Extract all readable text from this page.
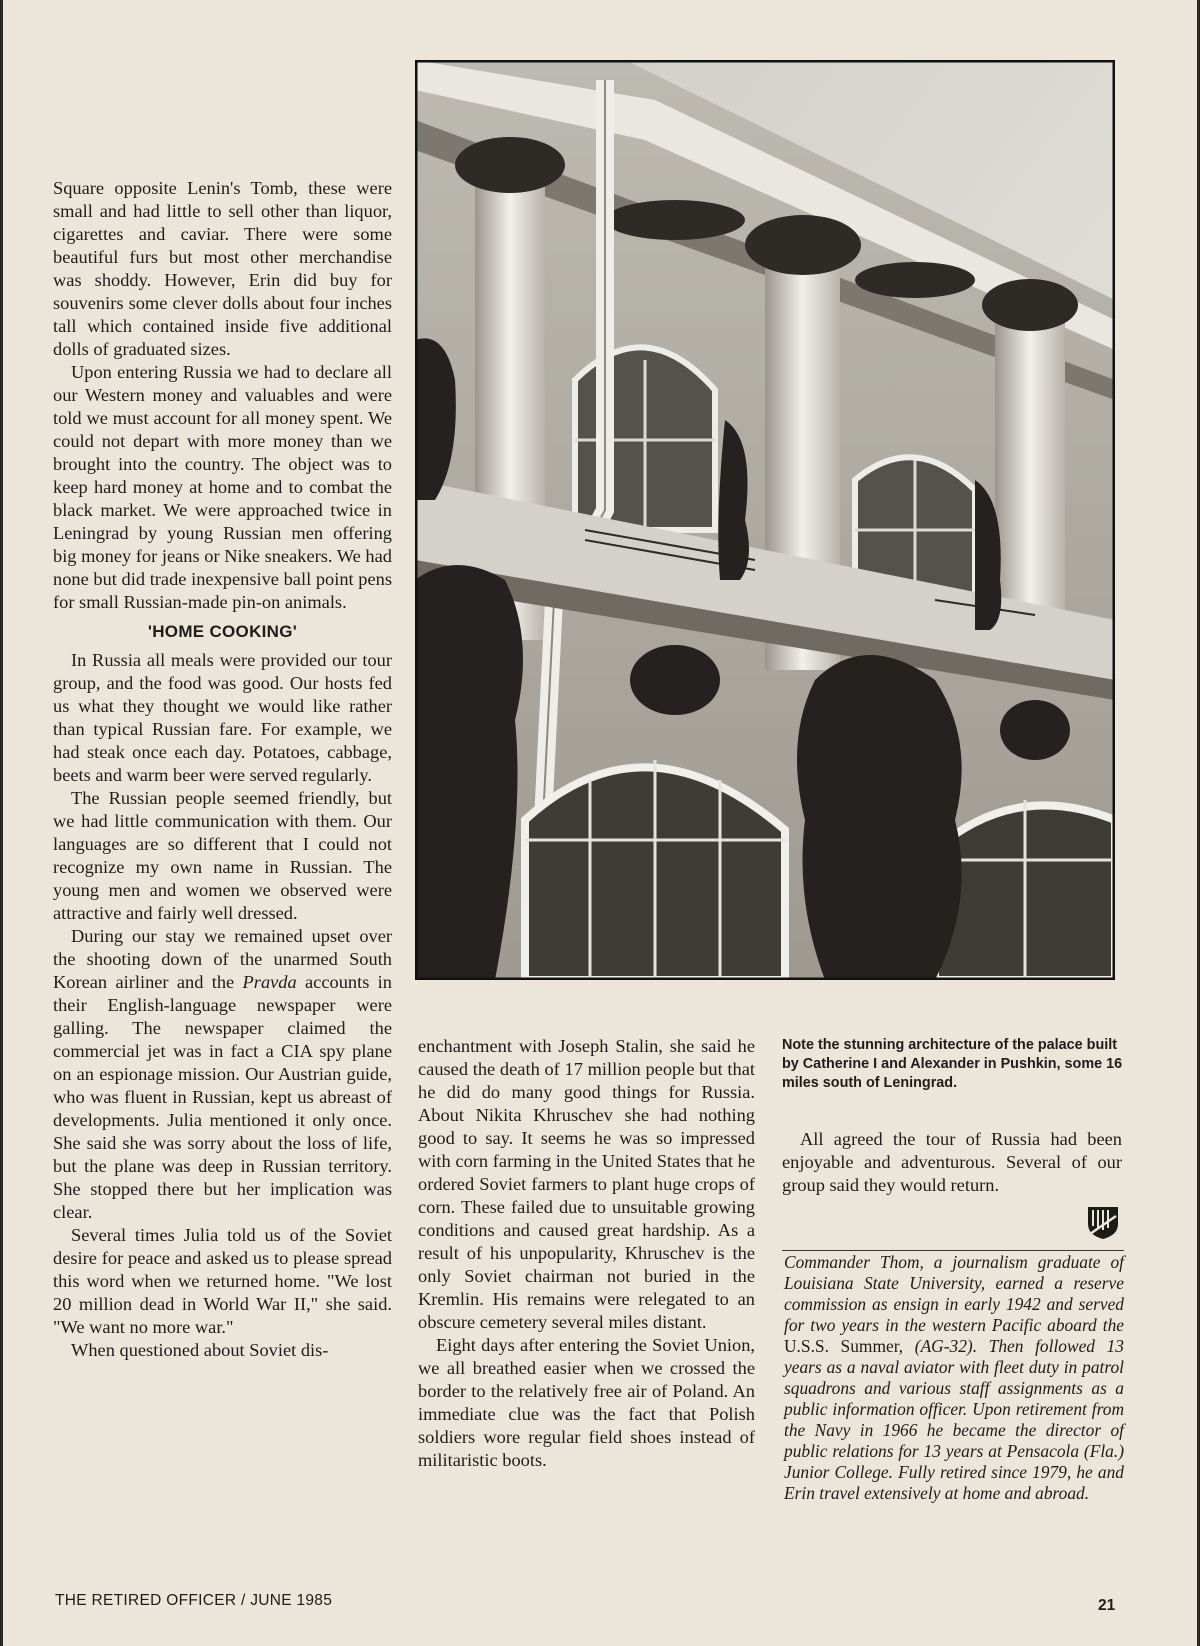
Square opposite Lenin's Tomb, these were small and had little to sell other than liquor, cigarettes and caviar. There were some beautiful furs but most other merchandise was shoddy. However, Erin did buy for souvenirs some clever dolls about four inches tall which contained inside five additional dolls of graduated sizes.

Upon entering Russia we had to declare all our Western money and valuables and were told we must account for all money spent. We could not depart with more money than we brought into the country. The object was to keep hard money at home and to combat the black market. We were approached twice in Leningrad by young Russian men offering big money for jeans or Nike sneakers. We had none but did trade inexpensive ball point pens for small Russian-made pin-on animals.

'HOME COOKING'

In Russia all meals were provided our tour group, and the food was good. Our hosts fed us what they thought we would like rather than typical Russian fare. For example, we had steak once each day. Potatoes, cabbage, beets and warm beer were served regularly.

The Russian people seemed friendly, but we had little communication with them. Our languages are so different that I could not recognize my own name in Russian. The young men and women we observed were attractive and fairly well dressed.

During our stay we remained upset over the shooting down of the unarmed South Korean airliner and the Pravda accounts in their English-language newspaper were galling. The newspaper claimed the commercial jet was in fact a CIA spy plane on an espionage mission. Our Austrian guide, who was fluent in Russian, kept us abreast of developments. Julia mentioned it only once. She said she was sorry about the loss of life, but the plane was deep in Russian territory. She stopped there but her implication was clear.

Several times Julia told us of the Soviet desire for peace and asked us to please spread this word when we returned home. "We lost 20 million dead in World War II," she said. "We want no more war."

When questioned about Soviet dis-

enchantment with Joseph Stalin, she said he caused the death of 17 million people but that he did do many good things for Russia. About Nikita Khruschev she had nothing good to say. It seems he was so impressed with corn farming in the United States that he ordered Soviet farmers to plant huge crops of corn. These failed due to unsuitable growing conditions and caused great hardship. As a result of his unpopularity, Khruschev is the only Soviet chairman not buried in the Kremlin. His remains were relegated to an obscure cemetery several miles distant.

Eight days after entering the Soviet Union, we all breathed easier when we crossed the border to the relatively free air of Poland. An immediate clue was the fact that Polish soldiers wore regular field shoes instead of militaristic boots.

Note the stunning architecture of the palace built by Catherine I and Alexander in Pushkin, some 16 miles south of Leningrad.

All agreed the tour of Russia had been enjoyable and adventurous. Several of our group said they would return.

Commander Thom, a journalism graduate of Louisiana State University, earned a reserve commission as ensign in early 1942 and served for two years in the western Pacific aboard the U.S.S. Summer, (AG-32). Then followed 13 years as a naval aviator with fleet duty in patrol squadrons and various staff assignments as a public information officer. Upon retirement from the Navy in 1966 he became the director of public relations for 13 years at Pensacola (Fla.) Junior College. Fully retired since 1979, he and Erin travel extensively at home and abroad.
THE RETIRED OFFICER / JUNE 1985	21
